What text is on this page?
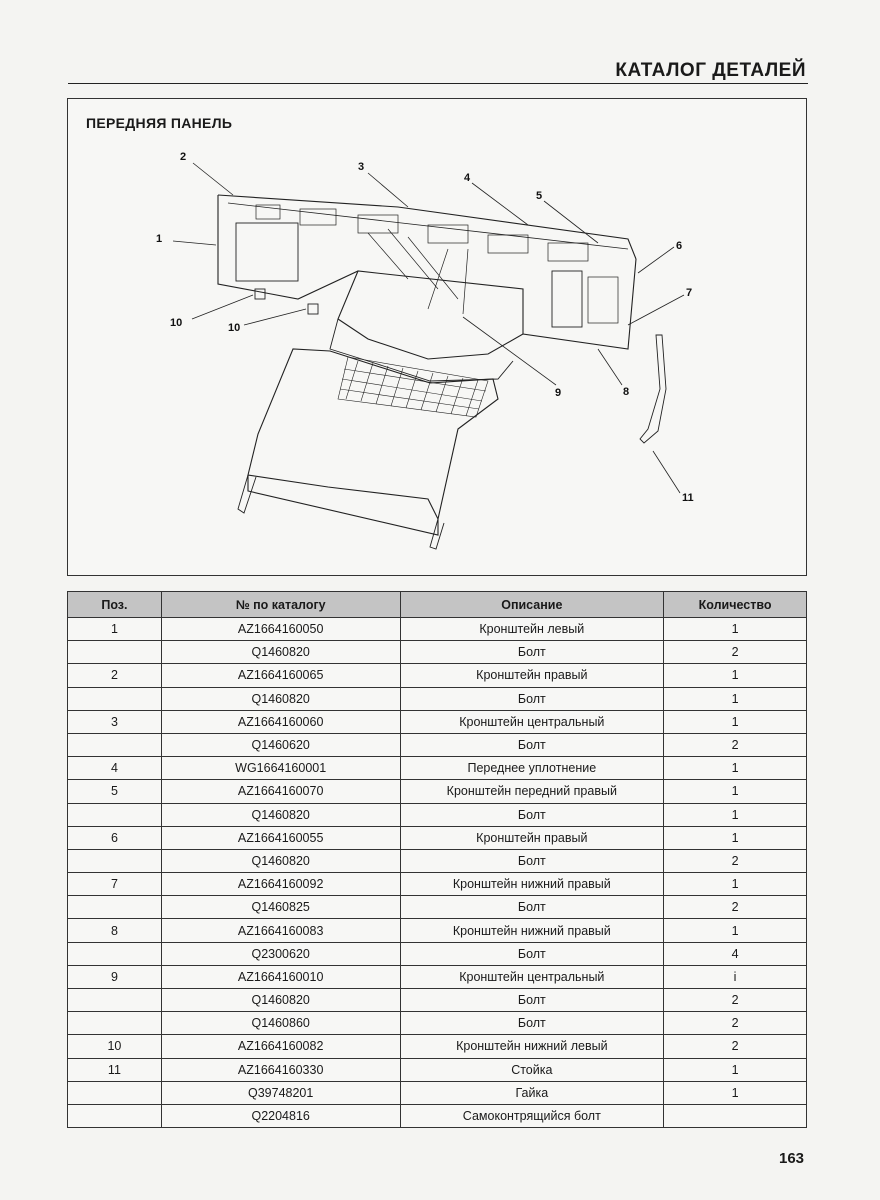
КАТАЛОГ ДЕТАЛЕЙ
ПЕРЕДНЯЯ ПАНЕЛЬ
1
2
3
4
5
6
7
8
9
10	10
11
Поз.	№ по каталогу	Описание	Количество
1	AZ1664160050	Кронштейн левый	1
	Q1460820	Болт	2
2	AZ1664160065	Кронштейн правый	1
	Q1460820	Болт	1
3	AZ1664160060	Кронштейн центральный	1
	Q1460620	Болт	2
4	WG1664160001	Переднее уплотнение	1
5	AZ1664160070	Кронштейн передний правый	1
	Q1460820	Болт	1
6	AZ1664160055	Кронштейн правый	1
	Q1460820	Болт	2
7	AZ1664160092	Кронштейн нижний правый	1
	Q1460825	Болт	2
8	AZ1664160083	Кронштейн нижний правый	1
	Q2300620	Болт	4
9	AZ1664160010	Кронштейн центральный	i
	Q1460820	Болт	2
	Q1460860	Болт	2
10	AZ1664160082	Кронштейн нижний левый	2
11	AZ1664160330	Стойка	1
	Q39748201	Гайка	1
	Q2204816	Самоконтрящийся болт	
163
